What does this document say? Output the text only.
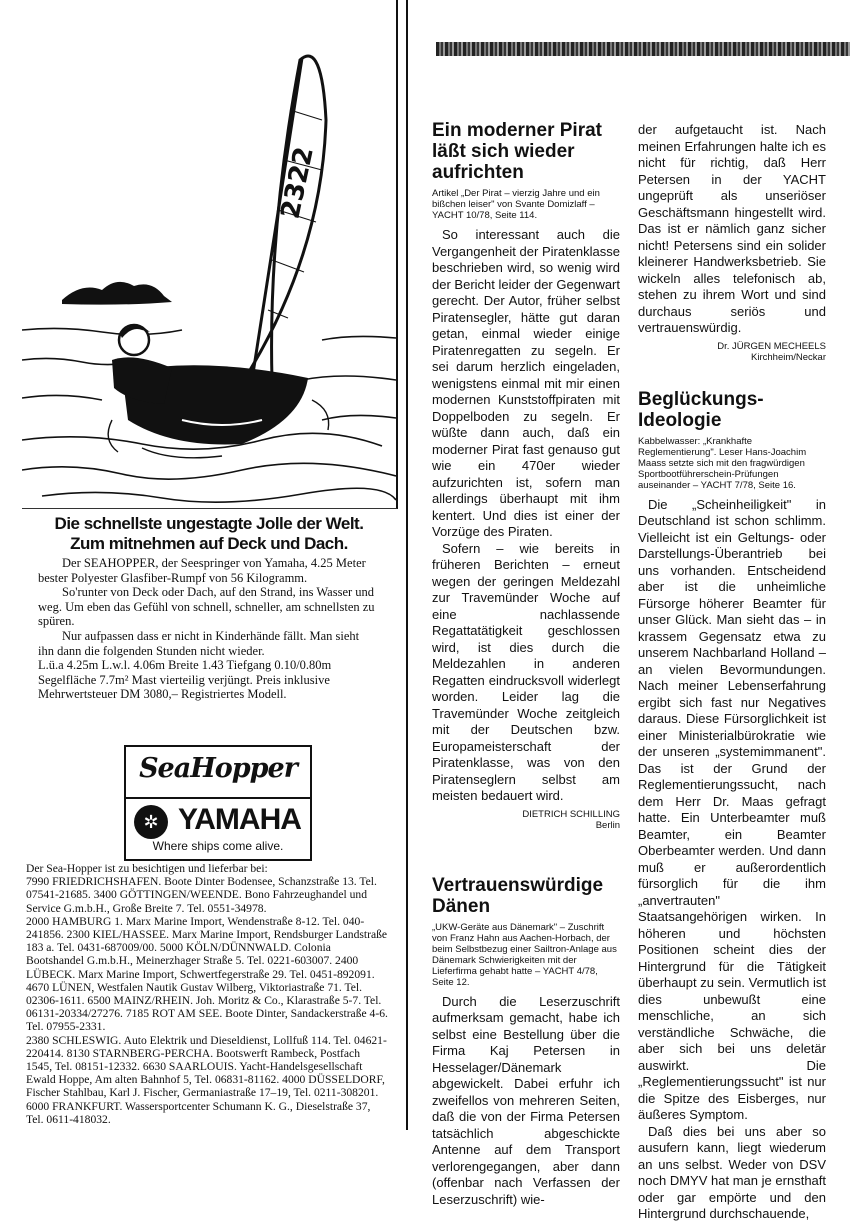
2322
Die schnellste ungestagte Jolle der Welt.
Zum mitnehmen auf Deck und Dach.

Der SEAHOPPER, der Seespringer von Yamaha, 4.25 Meter bester Polyester Glasfiber-Rumpf von 56 Kilogramm.

So'runter von Deck oder Dach, auf den Strand, ins Wasser und weg. Um eben das Gefühl von schnell, schneller, am schnellsten zu spüren.

Nur aufpassen dass er nicht in Kinderhände fällt. Man sieht ihn dann die folgenden Stunden nicht wieder.

L.ü.a 4.25m L.w.l. 4.06m Breite 1.43 Tiefgang 0.10/0.80m Segelfläche 7.7m² Mast vierteilig verjüngt. Preis inklusive Mehrwertsteuer DM 3080,– Registriertes Modell.

SeaHopper
✲ YAMAHA
Where ships come alive.

Der Sea-Hopper ist zu besichtigen und lieferbar bei:

7990 FRIEDRICHSHAFEN. Boote Dinter Bodensee, Schanzstraße 13. Tel. 07541-21685. 3400 GÖTTINGEN/WEENDE. Bono Fahrzeughandel und Service G.m.b.H., Große Breite 7. Tel. 0551-34978.

2000 HAMBURG 1. Marx Marine Import, Wendenstraße 8-12. Tel. 040-241856. 2300 KIEL/HASSEE. Marx Marine Import, Rendsburger Landstraße 183 a. Tel. 0431-687009/00. 5000 KÖLN/DÜNNWALD. Colonia Bootshandel G.m.b.H., Meinerzhager Straße 5. Tel. 0221-603007. 2400 LÜBECK. Marx Marine Import, Schwertfegerstraße 29. Tel. 0451-892091. 4670 LÜNEN, Westfalen Nautik Gustav Wilberg, Viktoriastraße 71. Tel. 02306-1611. 6500 MAINZ/RHEIN. Joh. Moritz & Co., Klarastraße 5-7. Tel. 06131-20334/27276. 7185 ROT AM SEE. Boote Dinter, Sandackerstraße 4-6. Tel. 07955-2331.

2380 SCHLESWIG. Auto Elektrik und Dieseldienst, Lollfuß 114. Tel. 04621-220414. 8130 STARNBERG-PERCHA. Bootswerft Rambeck, Postfach 1545, Tel. 08151-12332. 6630 SAARLOUIS. Yacht-Handelsgesellschaft Ewald Hoppe, Am alten Bahnhof 5, Tel. 06831-81162. 4000 DÜSSELDORF, Fischer Stahlbau, Karl J. Fischer, Germaniastraße 17–19, Tel. 0211-308201.

6000 FRANKFURT. Wassersportcenter Schumann K. G., Dieselstraße 37, Tel. 0611-418032.

Ein moderner Pirat läßt sich wieder aufrichten
Artikel „Der Pirat – vierzig Jahre und ein bißchen leiser" von Svante Domizlaff – YACHT 10/78, Seite 114.

So interessant auch die Vergangenheit der Piratenklasse beschrieben wird, so wenig wird der Bericht leider der Gegenwart gerecht. Der Autor, früher selbst Piratensegler, hätte gut daran getan, einmal wieder einige Piratenregatten zu segeln. Er sei darum herzlich eingeladen, wenigstens einmal mit mir einen modernen Kunststoffpiraten mit Doppelboden zu segeln. Er wüßte dann auch, daß ein moderner Pirat fast genauso gut wie ein 470er wieder aufzurichten ist, sofern man allerdings überhaupt mit ihm kentert. Und dies ist einer der Vorzüge des Piraten.

Sofern – wie bereits in früheren Berichten – erneut wegen der geringen Meldezahl zur Travemünder Woche auf eine nachlassende Regattatätigkeit geschlossen wird, ist dies durch die Meldezahlen in anderen Regatten eindrucksvoll widerlegt worden. Leider lag die Travemünder Woche zeitgleich mit der Deutschen bzw. Europameisterschaft der Piratenklasse, was von den Piratenseglern selbst am meisten bedauert wird.

DIETRICH SCHILLING
Berlin
Vertrauenswürdige Dänen
„UKW-Geräte aus Dänemark" – Zuschrift von Franz Hahn aus Aachen-Horbach, der beim Selbstbezug einer Sailtron-Anlage aus Dänemark Schwierigkeiten mit der Lieferfirma gehabt hatte – YACHT 4/78, Seite 12.

Durch die Leserzuschrift aufmerksam gemacht, habe ich selbst eine Bestellung über die Firma Kaj Petersen in Hesselager/Dänemark abgewickelt. Dabei erfuhr ich zweifellos von mehreren Seiten, daß die von der Firma Petersen tatsächlich abgeschickte Antenne auf dem Transport verlorengegangen, aber dann (offenbar nach Verfassen der Leserzuschrift) wie-

der aufgetaucht ist. Nach meinen Erfahrungen halte ich es nicht für richtig, daß Herr Petersen in der YACHT ungeprüft als unseriöser Geschäftsmann hingestellt wird. Das ist er nämlich ganz sicher nicht! Petersens sind ein solider kleinerer Handwerksbetrieb. Sie wickeln alles telefonisch ab, stehen zu ihrem Wort und sind durchaus seriös und vertrauenswürdig.

Dr. JÜRGEN MECHEELS
Kirchheim/Neckar
Beglückungs-Ideologie
Kabbelwasser: „Krankhafte Reglementierung". Leser Hans-Joachim Maass setzte sich mit den fragwürdigen Sportbootführerschein-Prüfungen auseinander – YACHT 7/78, Seite 16.

Die „Scheinheiligkeit" in Deutschland ist schon schlimm. Vielleicht ist ein Geltungs- oder Darstellungs-Überantrieb bei uns vorhanden. Entscheidend aber ist die unheimliche Fürsorge höherer Beamter für unser Glück. Man sieht das – in krassem Gegensatz etwa zu unserem Nachbarland Holland – an vielen Bevormundungen. Nach meiner Lebenserfahrung ergibt sich fast nur Negatives daraus. Diese Fürsorglichkeit ist einer Ministerialbürokratie wie der unseren „systemimmanent". Das ist der Grund der Reglementierungssucht, nach dem Herr Dr. Maas gefragt hatte. Ein Unterbeamter muß Beamter, ein Beamter Oberbeamter werden. Und dann muß er außerordentlich fürsorglich für die ihm „anvertrauten" Staatsangehörigen wirken. In höheren und höchsten Positionen scheint dies der Hintergrund für die Tätigkeit überhaupt zu sein. Vermutlich ist dies unbewußt eine menschliche, an sich verständliche Schwäche, die aber sich bei uns deletär auswirkt. Die „Reglementierungssucht" ist nur die Spitze des Eisberges, nur äußeres Symptom.

Daß dies bei uns aber so ausufern kann, liegt wiederum an uns selbst. Weder von DSV noch DMYV hat man je ernsthaft oder gar empörte und den Hintergrund durchschauende,
